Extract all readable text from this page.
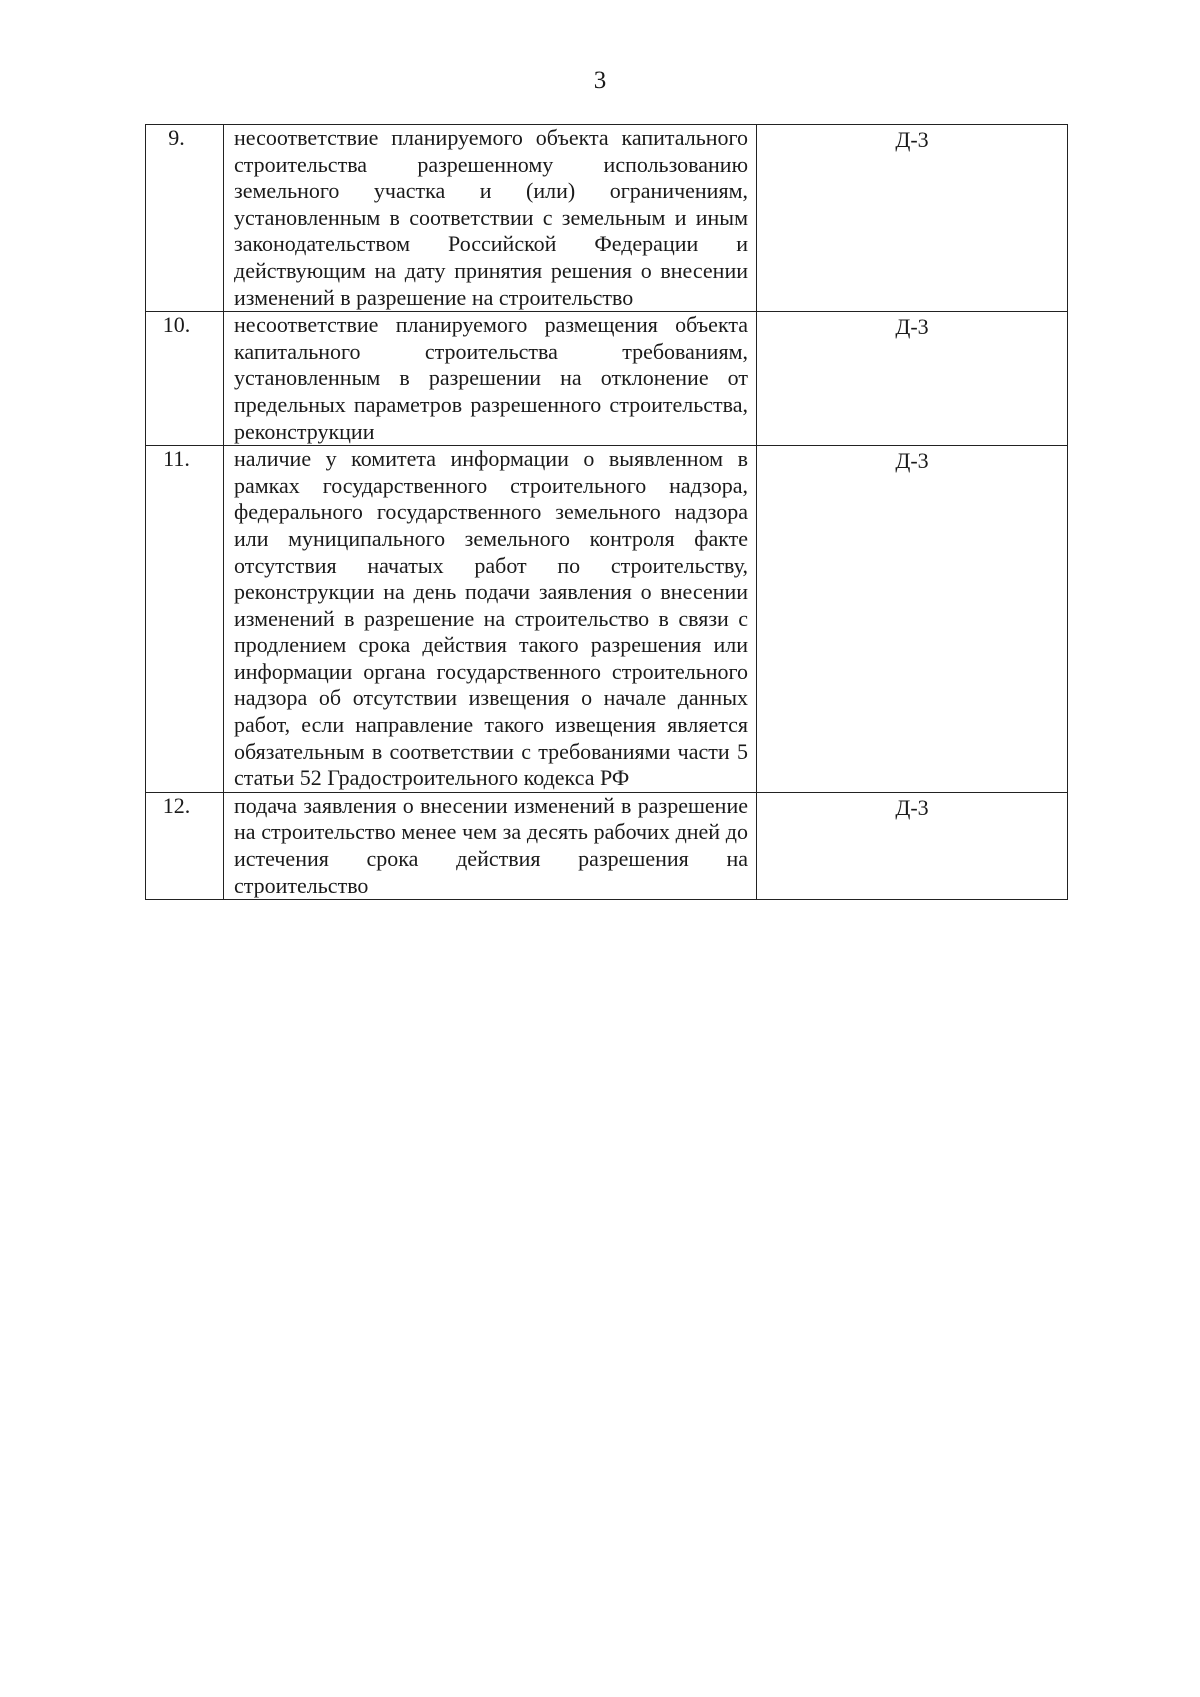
3
9.	несоответствие планируемого объекта капитального строительства разрешенному использованию земельного участка и (или) ограничениям, установленным в соответствии с земельным и иным законодательством Российской Федерации и действующим на дату принятия решения о внесении изменений в разрешение на строительство	Д-3
10.	несоответствие планируемого размещения объекта капитального строительства требованиям, установленным в разрешении на отклонение от предельных параметров разрешенного строительства, реконструкции	Д-3
11.	наличие у комитета информации о выявленном в рамках государственного строительного надзора, федерального государственного земельного надзора или муниципального земельного контроля факте отсутствия начатых работ по строительству, реконструкции на день подачи заявления о внесении изменений в разрешение на строительство в связи с продлением срока действия такого разрешения или информации органа государственного строительного надзора об отсутствии извещения о начале данных работ, если направление такого извещения является обязательным в соответствии с требованиями части 5 статьи 52 Градостроительного кодекса РФ	Д-3
12.	подача заявления о внесении изменений в разрешение на строительство менее чем за десять рабочих дней до истечения срока действия разрешения на строительство	Д-3
